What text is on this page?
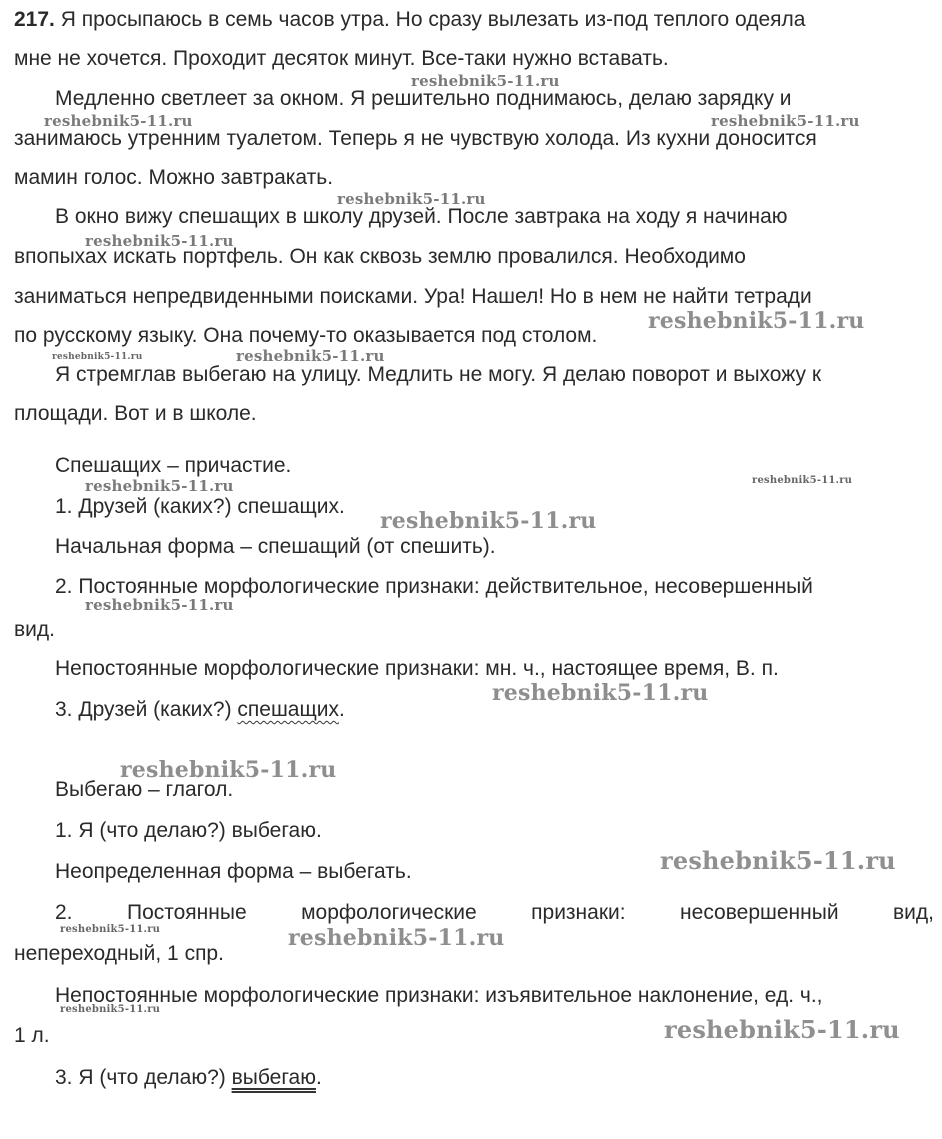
217. Я просыпаюсь в семь часов утра. Но сразу вылезать из-под теплого одеяла
мне не хочется. Проходит десяток минут. Все-таки нужно вставать.
Медленно светлеет за окном. Я решительно поднимаюсь, делаю зарядку и
занимаюсь утренним туалетом. Теперь я не чувствую холода. Из кухни доносится
мамин голос. Можно завтракать.
В окно вижу спешащих в школу друзей. После завтрака на ходу я начинаю
впопыхах искать портфель. Он как сквозь землю провалился. Необходимо
заниматься непредвиденными поисками. Ура! Нашел! Но в нем не найти тетради
по русскому языку. Она почему-то оказывается под столом.
Я стремглав выбегаю на улицу. Медлить не могу. Я делаю поворот и выхожу к
площади. Вот и в школе.
Спешащих – причастие.
1. Друзей (каких?) спешащих.
Начальная форма – спешащий (от спешить).
2. Постоянные морфологические признаки: действительное, несовершенный
вид.
Непостоянные морфологические признаки: мн. ч., настоящее время, В. п.
3. Друзей (каких?) спешащих.
Выбегаю – глагол.
1. Я (что делаю?) выбегаю.
Неопределенная форма – выбегать.
2.	Постоянные	морфологические	признаки:	несовершенный	вид,
непереходный, 1 спр.
Непостоянные морфологические признаки: изъявительное наклонение, ед. ч.,
1 л.
3. Я (что делаю?) выбегаю.
reshebnik5-11.ru
reshebnik5-11.ru	reshebnik5-11.ru
reshebnik5-11.ru
reshebnik5-11.ru
reshebnik5-11.ru
reshebnik5-11.ru	reshebnik5-11.ru
reshebnik5-11.ru	reshebnik5-11.ru
reshebnik5-11.ru
reshebnik5-11.ru
reshebnik5-11.ru
reshebnik5-11.ru
reshebnik5-11.ru
reshebnik5-11.ru	reshebnik5-11.ru
reshebnik5-11.ru
reshebnik5-11.ru
